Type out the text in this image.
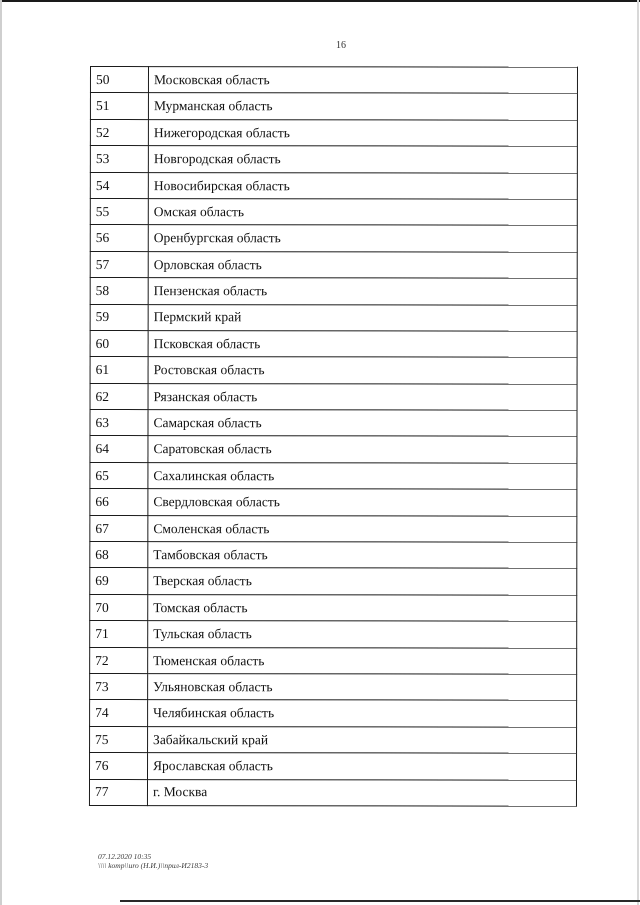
16
50	Московская область
51	Мурманская область
52	Нижегородская область
53	Новгородская область
54	Новосибирская область
55	Омская область
56	Оренбургская область
57	Орловская область
58	Пензенская область
59	Пермский край
60	Псковская область
61	Ростовская область
62	Рязанская область
63	Самарская область
64	Саратовская область
65	Сахалинская область
66	Свердловская область
67	Смоленская область
68	Тамбовская область
69	Тверская область
70	Томская область
71	Тульская область
72	Тюменская область
73	Ульяновская область
74	Челябинская область
75	Забайкальский край
76	Ярославская область
77	г. Москва
07.12.2020 10:35
\\\\ komp\\uro (Н.И.)\\прил-И2183-3
